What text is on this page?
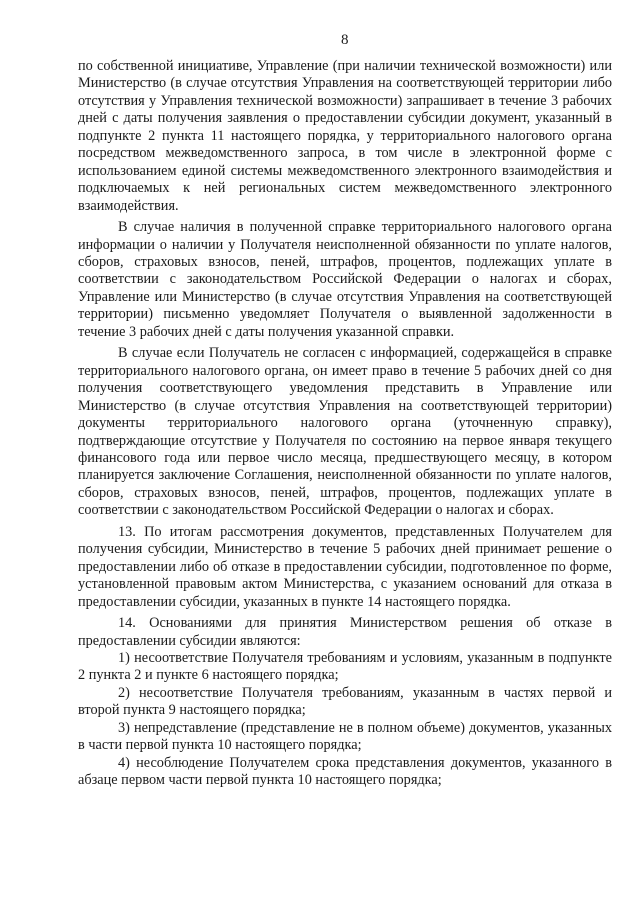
8

по собственной инициативе, Управление (при наличии технической возможности) или Министерство (в случае отсутствия Управления на соответствующей территории либо отсутствия у Управления технической возможности) запрашивает в течение 3 рабочих дней с даты получения заявления о предоставлении субсидии документ, указанный в подпункте 2 пункта 11 настоящего порядка, у территориального налогового органа посредством межведомственного запроса, в том числе в электронной форме с использованием единой системы межведомственного электронного взаимодействия и подключаемых к ней региональных систем межведомственного электронного взаимодействия.

В случае наличия в полученной справке территориального налогового органа информации о наличии у Получателя неисполненной обязанности по уплате налогов, сборов, страховых взносов, пеней, штрафов, процентов, подлежащих уплате в соответствии с законодательством Российской Федерации о налогах и сборах, Управление или Министерство (в случае отсутствия Управления на соответствующей территории) письменно уведомляет Получателя о выявленной задолженности в течение 3 рабочих дней с даты получения указанной справки.

В случае если Получатель не согласен с информацией, содержащейся в справке территориального налогового органа, он имеет право в течение 5 рабочих дней со дня получения соответствующего уведомления представить в Управление или Министерство (в случае отсутствия Управления на соответствующей территории) документы территориального налогового органа (уточненную справку), подтверждающие отсутствие у Получателя по состоянию на первое января текущего финансового года или первое число месяца, предшествующего месяцу, в котором планируется заключение Соглашения, неисполненной обязанности по уплате налогов, сборов, страховых взносов, пеней, штрафов, процентов, подлежащих уплате в соответствии с законодательством Российской Федерации о налогах и сборах.

13. По итогам рассмотрения документов, представленных Получателем для получения субсидии, Министерство в течение 5 рабочих дней принимает решение о предоставлении либо об отказе в предоставлении субсидии, подготовленное по форме, установленной правовым актом Министерства, с указанием оснований для отказа в предоставлении субсидии, указанных в пункте 14 настоящего порядка.

14. Основаниями для принятия Министерством решения об отказе в предоставлении субсидии являются:

1) несоответствие Получателя требованиям и условиям, указанным в подпункте 2 пункта 2 и пункте 6 настоящего порядка;

2) несоответствие Получателя требованиям, указанным в частях первой и второй пункта 9 настоящего порядка;

3) непредставление (представление не в полном объеме) документов, указанных в части первой пункта 10 настоящего порядка;

4) несоблюдение Получателем срока представления документов, указанного в абзаце первом части первой пункта 10 настоящего порядка;
